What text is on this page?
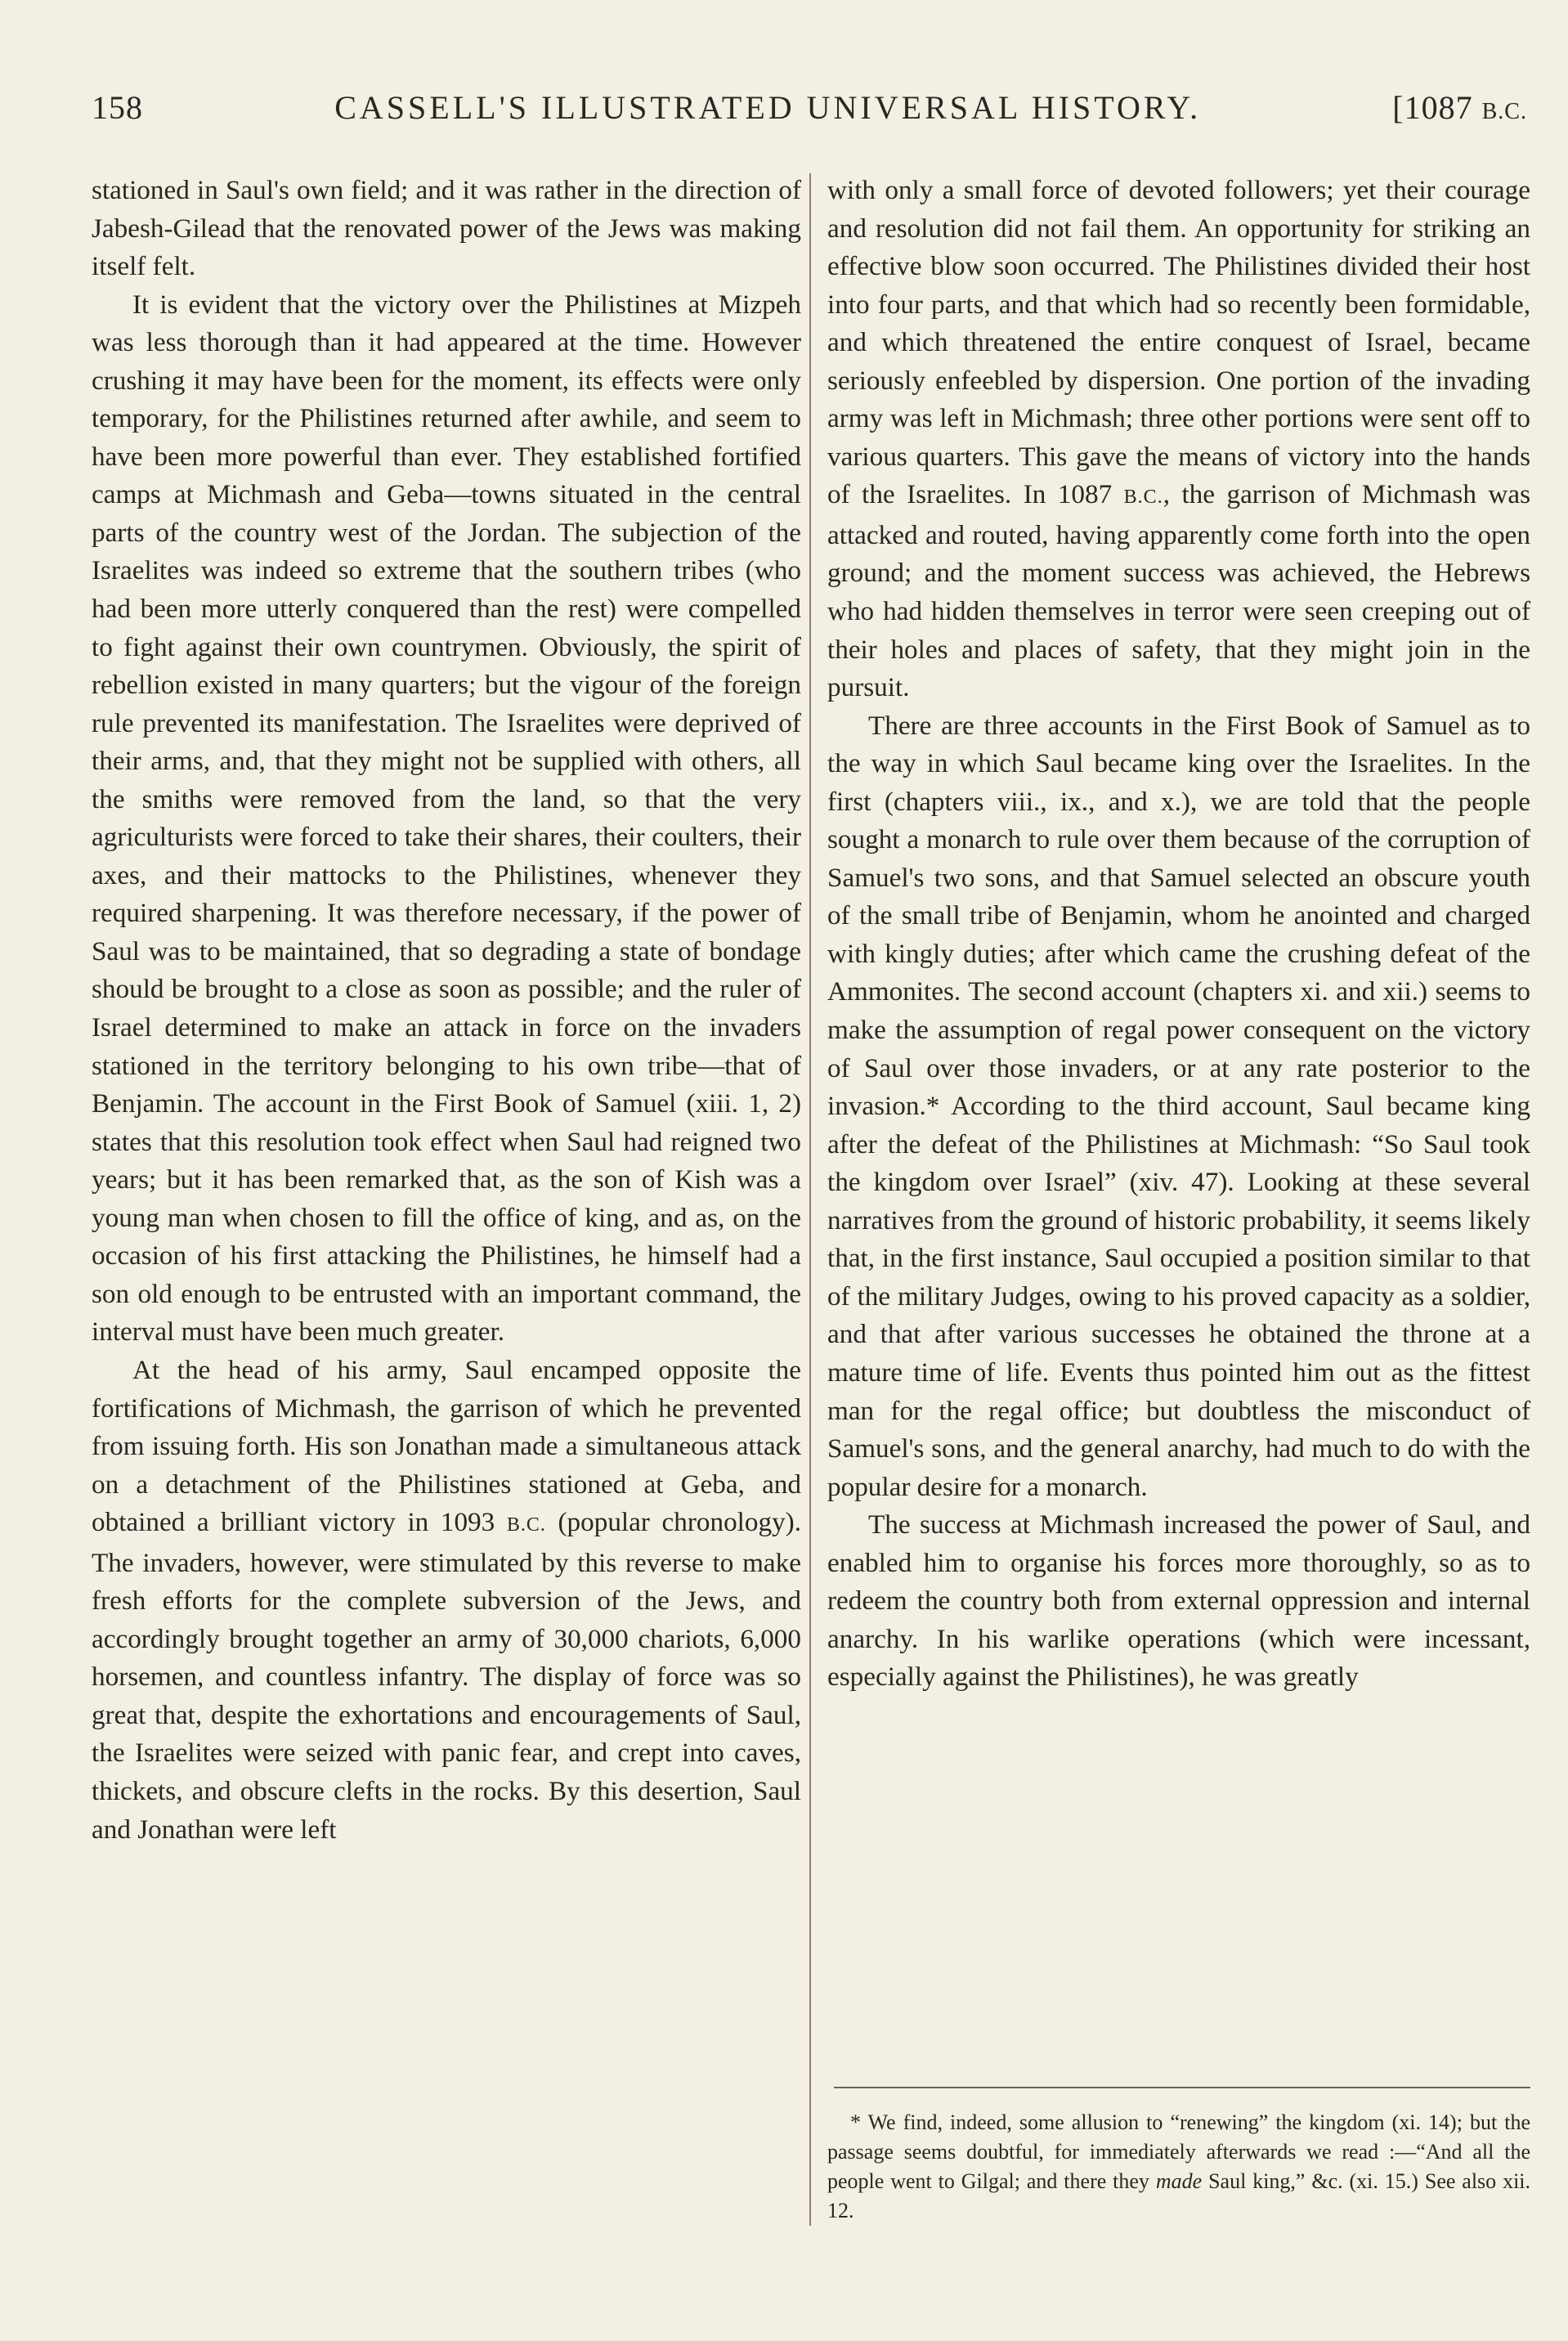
158	CASSELL'S ILLUSTRATED UNIVERSAL HISTORY.	[1087 B.C.

stationed in Saul's own field; and it was rather in the direction of Jabesh-Gilead that the renovated power of the Jews was making itself felt.

It is evident that the victory over the Philistines at Mizpeh was less thorough than it had appeared at the time. However crushing it may have been for the moment, its effects were only temporary, for the Philistines returned after awhile, and seem to have been more powerful than ever. They established fortified camps at Michmash and Geba—towns situated in the central parts of the country west of the Jordan. The subjection of the Israelites was indeed so extreme that the southern tribes (who had been more utterly conquered than the rest) were compelled to fight against their own countrymen. Obviously, the spirit of rebellion existed in many quarters; but the vigour of the foreign rule prevented its manifestation. The Israelites were deprived of their arms, and, that they might not be supplied with others, all the smiths were removed from the land, so that the very agriculturists were forced to take their shares, their coulters, their axes, and their mattocks to the Philistines, whenever they required sharpening. It was therefore necessary, if the power of Saul was to be maintained, that so degrading a state of bondage should be brought to a close as soon as possible; and the ruler of Israel determined to make an attack in force on the invaders stationed in the territory belonging to his own tribe—that of Benjamin. The account in the First Book of Samuel (xiii. 1, 2) states that this resolution took effect when Saul had reigned two years; but it has been remarked that, as the son of Kish was a young man when chosen to fill the office of king, and as, on the occasion of his first attacking the Philistines, he himself had a son old enough to be entrusted with an important command, the interval must have been much greater.

At the head of his army, Saul encamped opposite the fortifications of Michmash, the garrison of which he prevented from issuing forth. His son Jonathan made a simultaneous attack on a detachment of the Philistines stationed at Geba, and obtained a brilliant victory in 1093 B.C. (popular chronology). The invaders, however, were stimulated by this reverse to make fresh efforts for the complete subversion of the Jews, and accordingly brought together an army of 30,000 chariots, 6,000 horsemen, and countless infantry. The display of force was so great that, despite the exhortations and encouragements of Saul, the Israelites were seized with panic fear, and crept into caves, thickets, and obscure clefts in the rocks. By this desertion, Saul and Jonathan were left

with only a small force of devoted followers; yet their courage and resolution did not fail them. An opportunity for striking an effective blow soon occurred. The Philistines divided their host into four parts, and that which had so recently been formidable, and which threatened the entire conquest of Israel, became seriously enfeebled by dispersion. One portion of the invading army was left in Michmash; three other portions were sent off to various quarters. This gave the means of victory into the hands of the Israelites. In 1087 B.C., the garrison of Michmash was attacked and routed, having apparently come forth into the open ground; and the moment success was achieved, the Hebrews who had hidden themselves in terror were seen creeping out of their holes and places of safety, that they might join in the pursuit.

There are three accounts in the First Book of Samuel as to the way in which Saul became king over the Israelites. In the first (chapters viii., ix., and x.), we are told that the people sought a monarch to rule over them because of the corruption of Samuel's two sons, and that Samuel selected an obscure youth of the small tribe of Benjamin, whom he anointed and charged with kingly duties; after which came the crushing defeat of the Ammonites. The second account (chapters xi. and xii.) seems to make the assumption of regal power consequent on the victory of Saul over those invaders, or at any rate posterior to the invasion.* According to the third account, Saul became king after the defeat of the Philistines at Michmash: “So Saul took the kingdom over Israel” (xiv. 47). Looking at these several narratives from the ground of historic probability, it seems likely that, in the first instance, Saul occupied a position similar to that of the military Judges, owing to his proved capacity as a soldier, and that after various successes he obtained the throne at a mature time of life. Events thus pointed him out as the fittest man for the regal office; but doubtless the misconduct of Samuel's sons, and the general anarchy, had much to do with the popular desire for a monarch.

The success at Michmash increased the power of Saul, and enabled him to organise his forces more thoroughly, so as to redeem the country both from external oppression and internal anarchy. In his warlike operations (which were incessant, especially against the Philistines), he was greatly

* We find, indeed, some allusion to “renewing” the kingdom (xi. 14); but the passage seems doubtful, for immediately afterwards we read :—“And all the people went to Gilgal; and there they made Saul king,” &c. (xi. 15.) See also xii. 12.
